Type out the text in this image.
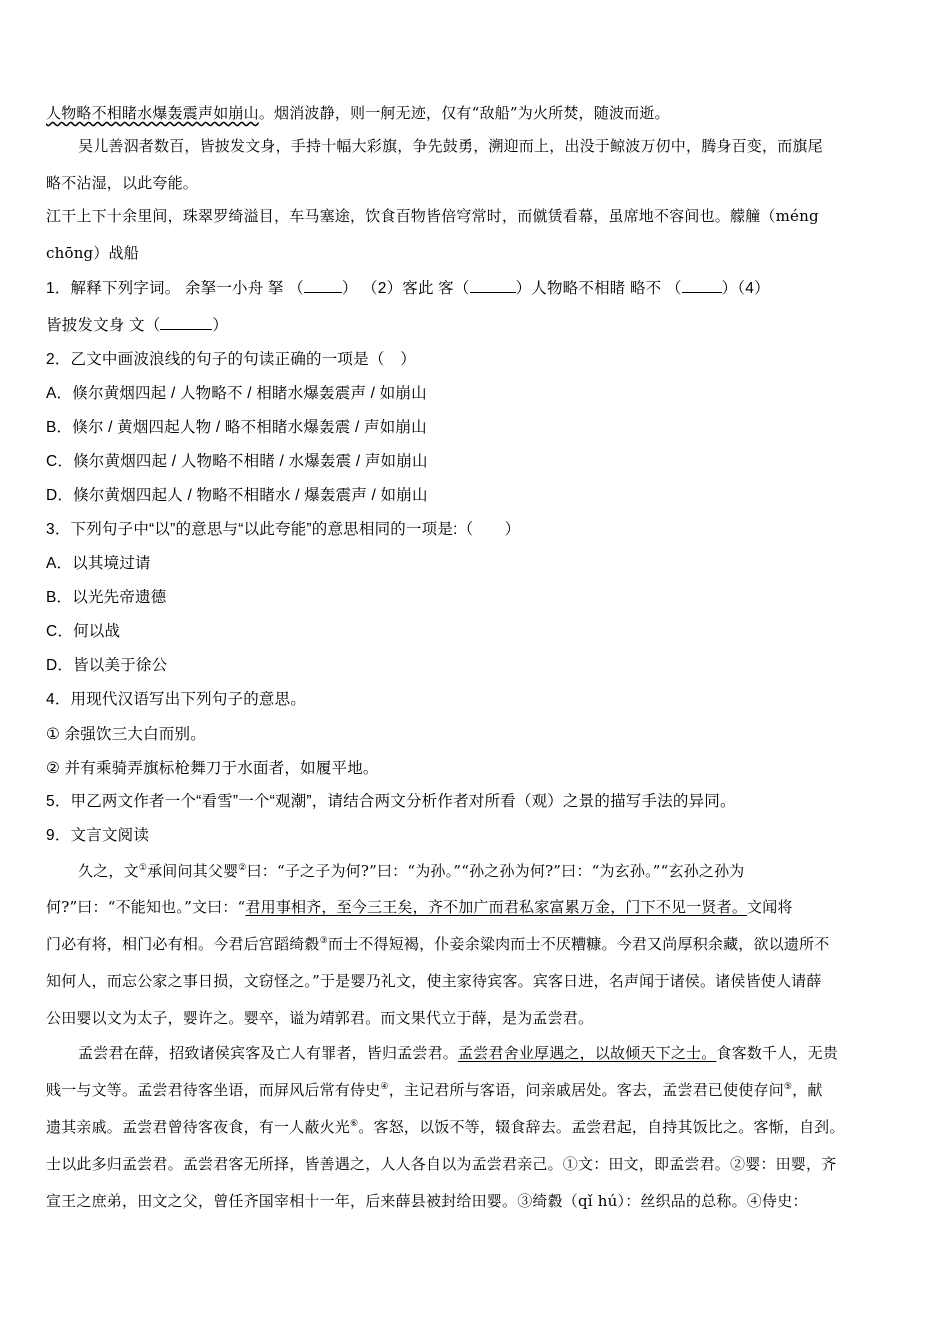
人物略不相睹水爆轰震声如崩山。烟消波静，则一舸无迹，仅有“敌船”为火所焚，随波而逝。
吴儿善泅者数百，皆披发文身，手持十幅大彩旗，争先鼓勇，溯迎而上，出没于鲸波万仞中，腾身百变，而旗尾
略不沾湿，以此夸能。
江干上下十余里间，珠翠罗绮溢目，车马塞途，饮食百物皆倍穹常时，而僦赁看幕，虽席地不容间也。艨艟（méng
chōng）战船
1．解释下列字词。 余拏一小舟 拏 （ ） （2）客此 客（	）人物略不相睹 略不 （	）（4）
皆披发文身 文（	）
2．乙文中画波浪线的句子的句读正确的一项是（　）
A．倏尔黄烟四起 / 人物略不 / 相睹水爆轰震声 / 如崩山
B．倏尔 / 黄烟四起人物 / 略不相睹水爆轰震 / 声如崩山
C．倏尔黄烟四起 / 人物略不相睹 / 水爆轰震 / 声如崩山
D．倏尔黄烟四起人 / 物略不相睹水 / 爆轰震声 / 如崩山
3．下列句子中“以”的意思与“以此夸能”的意思相同的一项是:（　　）
A．以其境过请
B．以光先帝遗德
C．何以战
D．皆以美于徐公
4．用现代汉语写出下列句子的意思。
① 余强饮三大白而别。
② 并有乘骑弄旗标枪舞刀于水面者，如履平地。
5．甲乙两文作者一个“看雪”一个“观潮”，请结合两文分析作者对所看（观）之景的描写手法的异同。
9．文言文阅读
久之，文①承间问其父婴②曰：“子之子为何?”曰：“为孙。”“孙之孙为何?”曰：“为玄孙。”“玄孙之孙为
何?”曰：“不能知也。”文曰：“君用事相齐，至今三王矣，齐不加广而君私家富累万金，门下不见一贤者。文闻将
门必有将，相门必有相。今君后宫蹈绮縠③而士不得短褐，仆妾余粱肉而士不厌糟糠。今君又尚厚积余藏，欲以遗所不
知何人，而忘公家之事日损，文窃怪之。”于是婴乃礼文，使主家待宾客。宾客日进，名声闻于诸侯。诸侯皆使人请薛
公田婴以文为太子，婴许之。婴卒，谥为靖郭君。而文果代立于薛，是为孟尝君。
孟尝君在薛，招致诸侯宾客及亡人有罪者，皆归孟尝君。孟尝君舍业厚遇之，以故倾天下之士。食客数千人，无贵
贱一与文等。孟尝君待客坐语，而屏风后常有侍史④，主记君所与客语，问亲戚居处。客去，孟尝君已使使存问⑤，献
遗其亲戚。孟尝君曾待客夜食，有一人蔽火光⑥。客怒，以饭不等，辍食辞去。孟尝君起，自持其饭比之。客惭，自刭。
士以此多归孟尝君。孟尝君客无所择，皆善遇之，人人各自以为孟尝君亲己。①文：田文，即孟尝君。②婴：田婴，齐
宣王之庶弟，田文之父，曾任齐国宰相十一年，后来薛县被封给田婴。③绮縠（qǐ hú）：丝织品的总称。④侍史：
